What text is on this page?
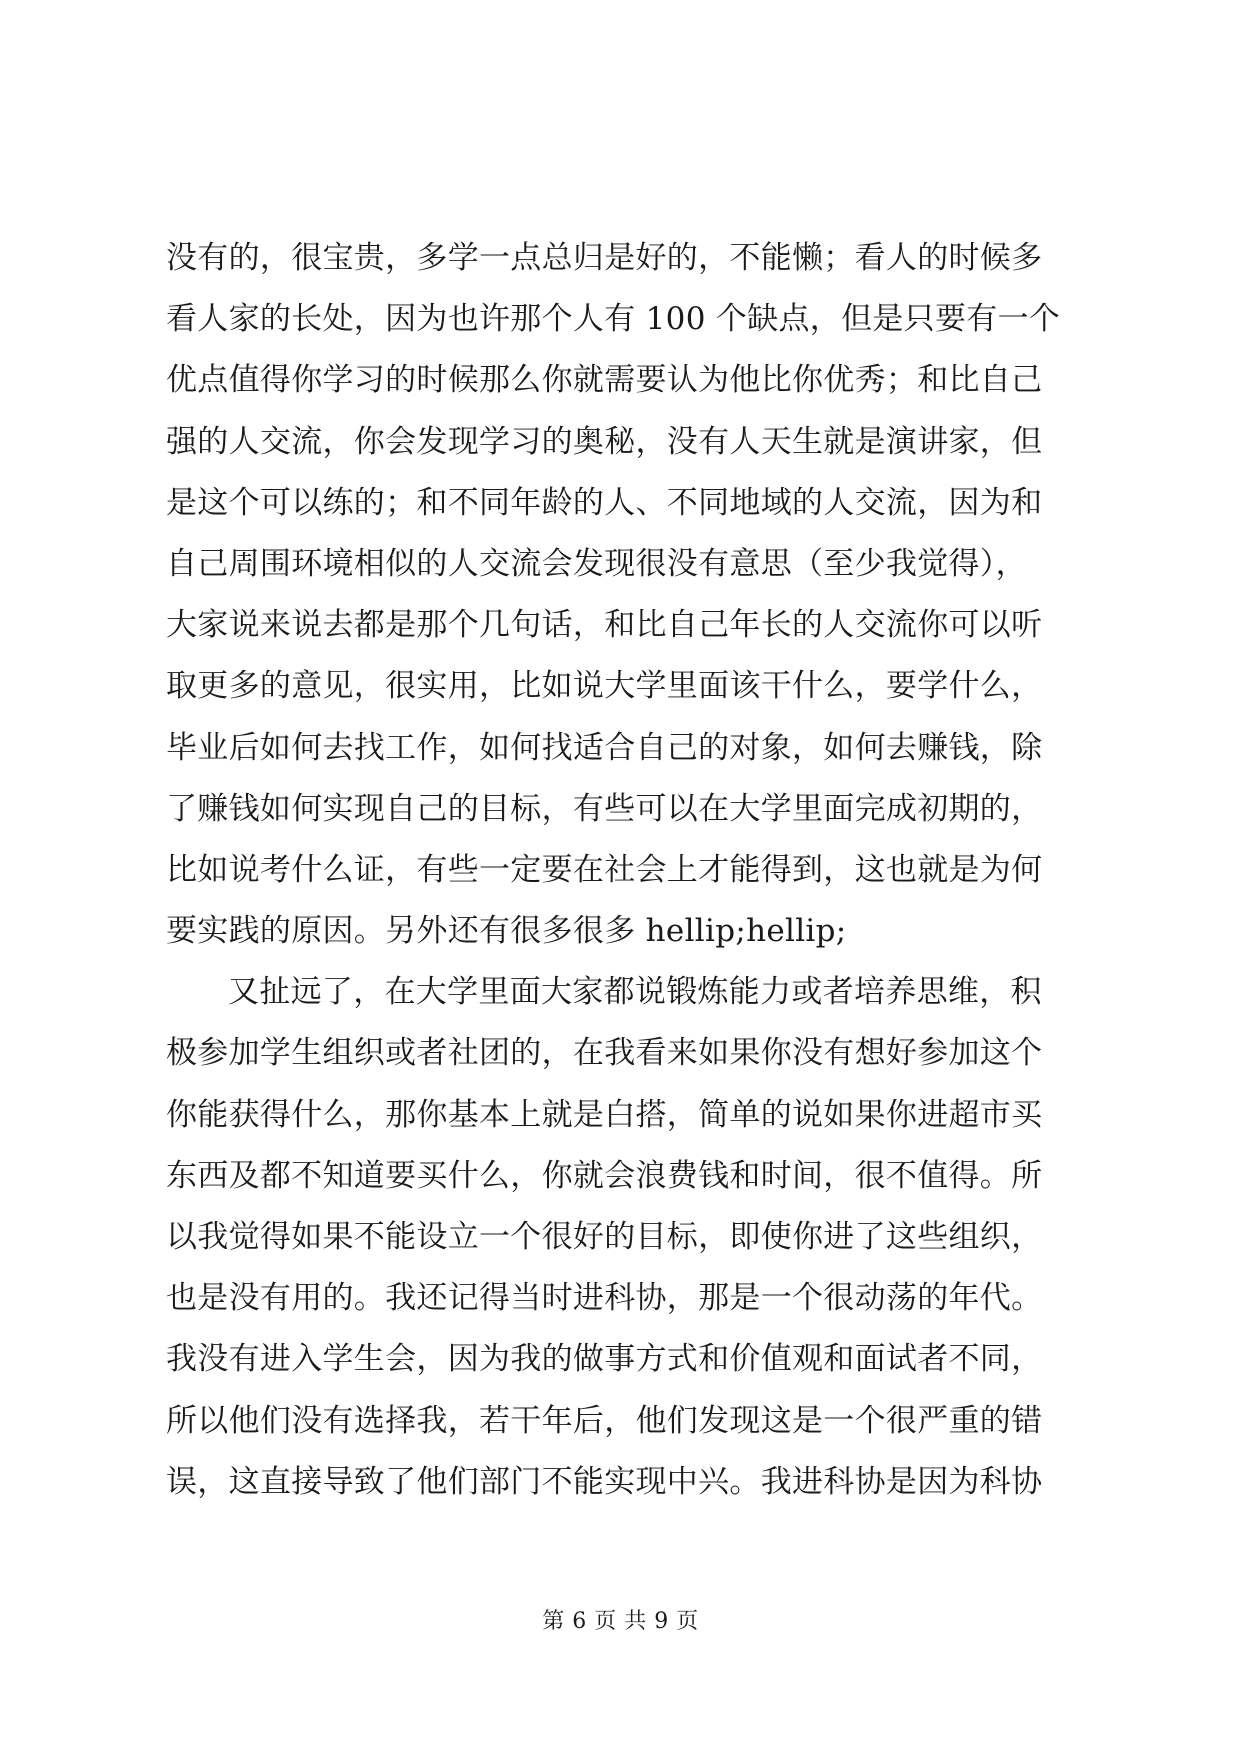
没有的，很宝贵，多学一点总归是好的，不能懒；看人的时候多
看人家的长处，因为也许那个人有 100 个缺点，但是只要有一个
优点值得你学习的时候那么你就需要认为他比你优秀；和比自己
强的人交流，你会发现学习的奥秘，没有人天生就是演讲家，但
是这个可以练的；和不同年龄的人、不同地域的人交流，因为和
自己周围环境相似的人交流会发现很没有意思（至少我觉得），
大家说来说去都是那个几句话，和比自己年长的人交流你可以听
取更多的意见，很实用，比如说大学里面该干什么，要学什么，
毕业后如何去找工作，如何找适合自己的对象，如何去赚钱，除
了赚钱如何实现自己的目标，有些可以在大学里面完成初期的，
比如说考什么证，有些一定要在社会上才能得到，这也就是为何
要实践的原因。另外还有很多很多 hellip;hellip;
又扯远了，在大学里面大家都说锻炼能力或者培养思维，积
极参加学生组织或者社团的，在我看来如果你没有想好参加这个
你能获得什么，那你基本上就是白搭，简单的说如果你进超市买
东西及都不知道要买什么，你就会浪费钱和时间，很不值得。所
以我觉得如果不能设立一个很好的目标，即使你进了这些组织，
也是没有用的。我还记得当时进科协，那是一个很动荡的年代。
我没有进入学生会，因为我的做事方式和价值观和面试者不同，
所以他们没有选择我，若干年后，他们发现这是一个很严重的错
误，这直接导致了他们部门不能实现中兴。我进科协是因为科协
第 6 页 共 9 页
